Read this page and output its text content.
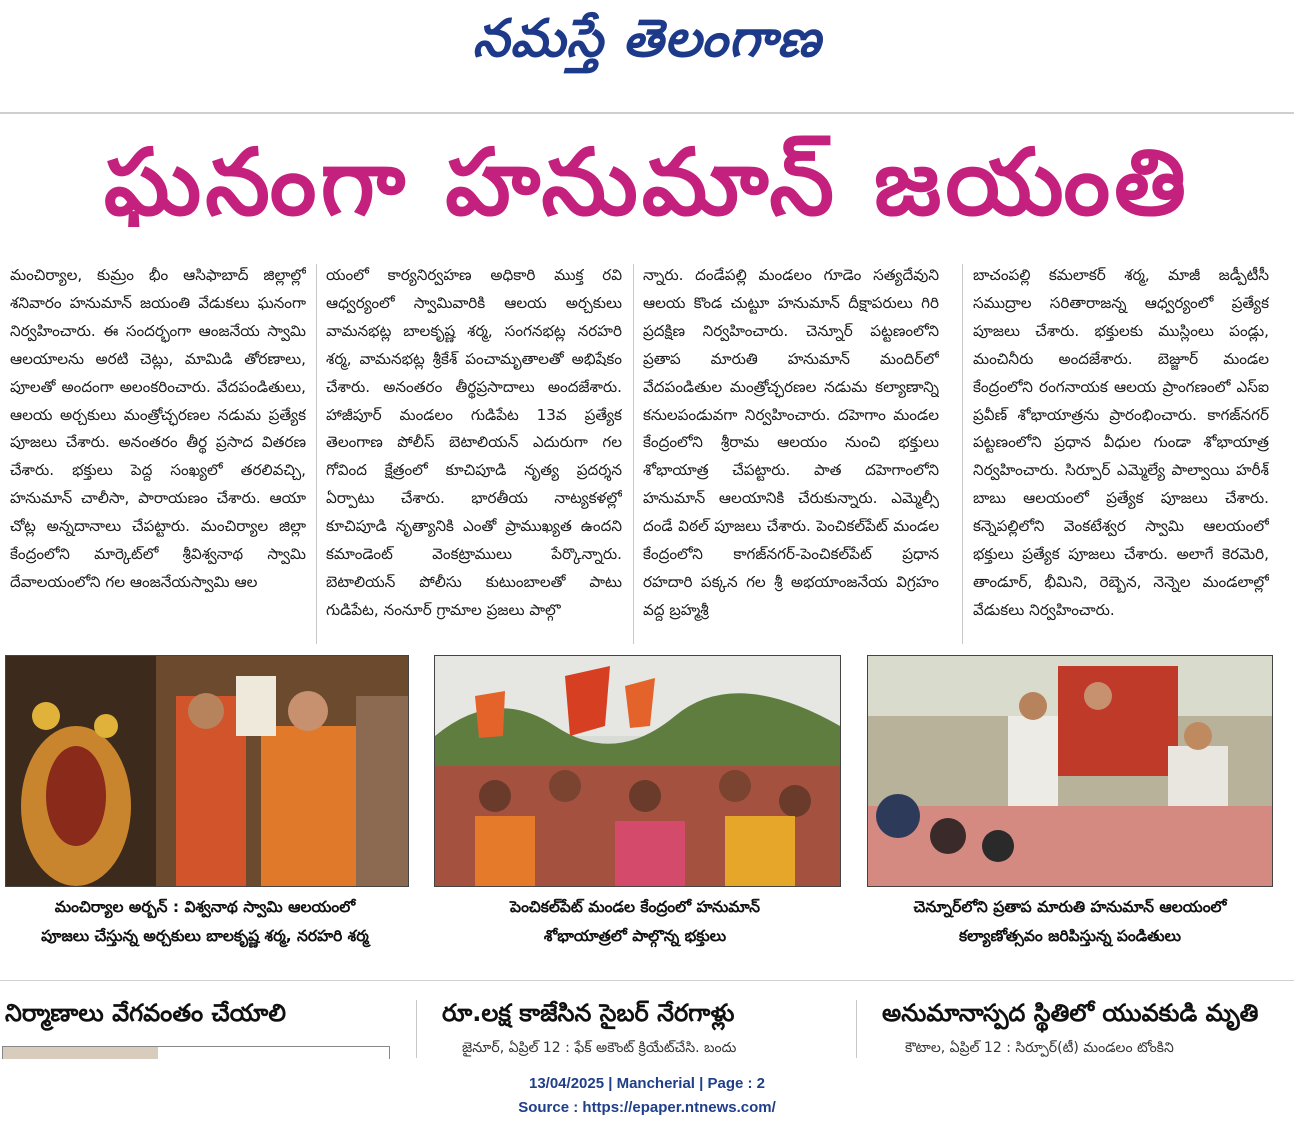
నమస్తే తెలంగాణ
ఘనంగా హనుమాన్ జయంతి

మంచిర్యాల, కుమ్రం భీం ఆసిఫాబాద్ జిల్లాల్లో శనివారం హనుమాన్ జయంతి వేడుకలు ఘనంగా నిర్వహించారు. ఈ సందర్భంగా ఆంజనేయ స్వామి ఆలయాలను అరటి చెట్లు, మామిడి తోరణాలు, పూలతో అందంగా అలంకరించారు. వేదపండితులు, ఆలయ అర్చకులు మంత్రోచ్ఛరణల నడుమ ప్రత్యేక పూజలు చేశారు. అనంతరం తీర్థ ప్రసాద వితరణ చేశారు. భక్తులు పెద్ద సంఖ్యలో తరలివచ్చి, హనుమాన్ చాలీసా, పారాయణం చేశారు. ఆయా చోట్ల అన్నదానాలు చేపట్టారు. మంచిర్యాల జిల్లా కేంద్రంలోని మార్కెట్‌లో శ్రీవిశ్వనాథ స్వామి దేవాలయంలోని గల ఆంజనేయస్వామి ఆల

యంలో కార్యనిర్వహణ అధికారి ముక్త రవి ఆధ్వర్యంలో స్వామివారికి ఆలయ అర్చకులు వామనభట్ల బాలకృష్ణ శర్మ, సంగనభట్ల నరహరి శర్మ, వామనభట్ల శ్రీకేశ్ పంచామృతాలతో అభిషేకం చేశారు. అనంతరం తీర్థప్రసాదాలు అందజేశారు. హాజీపూర్ మండలం గుడిపేట 13వ ప్రత్యేక తెలంగాణ పోలీస్ బెటాలియన్ ఎదురుగా గల గోవింద క్షేత్రంలో కూచిపూడి నృత్య ప్రదర్శన ఏర్పాటు చేశారు. భారతీయ నాట్యకళల్లో కూచిపూడి నృత్యానికి ఎంతో ప్రాముఖ్యత ఉందని కమాండెంట్ వెంకట్రాములు పేర్కొన్నారు. బెటాలియన్ పోలీసు కుటుంబాలతో పాటు గుడిపేట, నంనూర్ గ్రామాల ప్రజలు పాల్గొ

న్నారు. దండేపల్లి మండలం గూడెం సత్యదేవుని ఆలయ కొండ చుట్టూ హనుమాన్ దీక్షాపరులు గిరి ప్రదక్షిణ నిర్వహించారు. చెన్నూర్ పట్టణంలోని ప్రతాప మారుతి హనుమాన్ మందిర్‌లో వేదపండితుల మంత్రోచ్ఛరణల నడుమ కల్యాణాన్ని కనులపండువగా నిర్వహించారు. దహెగాం మండల కేంద్రంలోని శ్రీరామ ఆలయం నుంచి భక్తులు శోభాయాత్ర చేపట్టారు. పాత దహెగాంలోని హనుమాన్ ఆలయానికి చేరుకున్నారు. ఎమ్మెల్సీ దండే విఠల్ పూజలు చేశారు. పెంచికల్‌పేట్ మండల కేంద్రంలోని కాగజ్‌నగర్-పెంచికల్‌పేట్ ప్రధాన రహదారి పక్కన గల శ్రీ అభయాంజనేయ విగ్రహం వద్ద బ్రహ్మశ్రీ

బాచంపల్లి కమలాకర్ శర్మ, మాజీ జడ్పీటీసీ సముద్రాల సరితారాజన్న ఆధ్వర్యంలో ప్రత్యేక పూజలు చేశారు. భక్తులకు ముస్లింలు పండ్లు, మంచినీరు అందజేశారు. బెజ్జూర్ మండల కేంద్రంలోని రంగనాయక ఆలయ ప్రాంగణంలో ఎస్ఐ ప్రవీణ్ శోభాయాత్రను ప్రారంభించారు. కాగజ్‌నగర్ పట్టణంలోని ప్రధాన వీధుల గుండా శోభాయాత్ర నిర్వహించారు. సిర్పూర్ ఎమ్మెల్యే పాల్వాయి హరీశ్ బాబు ఆలయంలో ప్రత్యేక పూజలు చేశారు. కన్నెపల్లిలోని వెంకటేశ్వర స్వామి ఆలయంలో భక్తులు ప్రత్యేక పూజలు చేశారు. అలాగే కెరమెరి, తాండూర్, భీమిని, రెబ్బెన, నెన్నెల మండలాల్లో వేడుకలు నిర్వహించారు.

మంచిర్యాల అర్బన్ : విశ్వనాథ స్వామి ఆలయంలో
పూజలు చేస్తున్న అర్చకులు బాలకృష్ణ శర్మ, నరహరి శర్మ
పెంచికల్‌పేట్ మండల కేంద్రంలో హనుమాన్
శోభాయాత్రలో పాల్గొన్న భక్తులు
చెన్నూర్‌లోని ప్రతాప మారుతి హనుమాన్ ఆలయంలో
కల్యాణోత్సవం జరిపిస్తున్న పండితులు
నిర్మాణాలు వేగవంతం చేయాలి	రూ.లక్ష కాజేసిన సైబర్ నేరగాళ్లు	అనుమానాస్పద స్థితిలో యువకుడి మృతి
జైనూర్, ఏప్రిల్ 12 : ఫేక్ అకౌంట్ క్రియేట్‌చేసి. బందు	కౌటాల, ఏప్రిల్ 12 : సిర్పూర్(టీ) మండలం టోంకిని
13/04/2025 | Mancherial | Page : 2
Source : https://epaper.ntnews.com/
